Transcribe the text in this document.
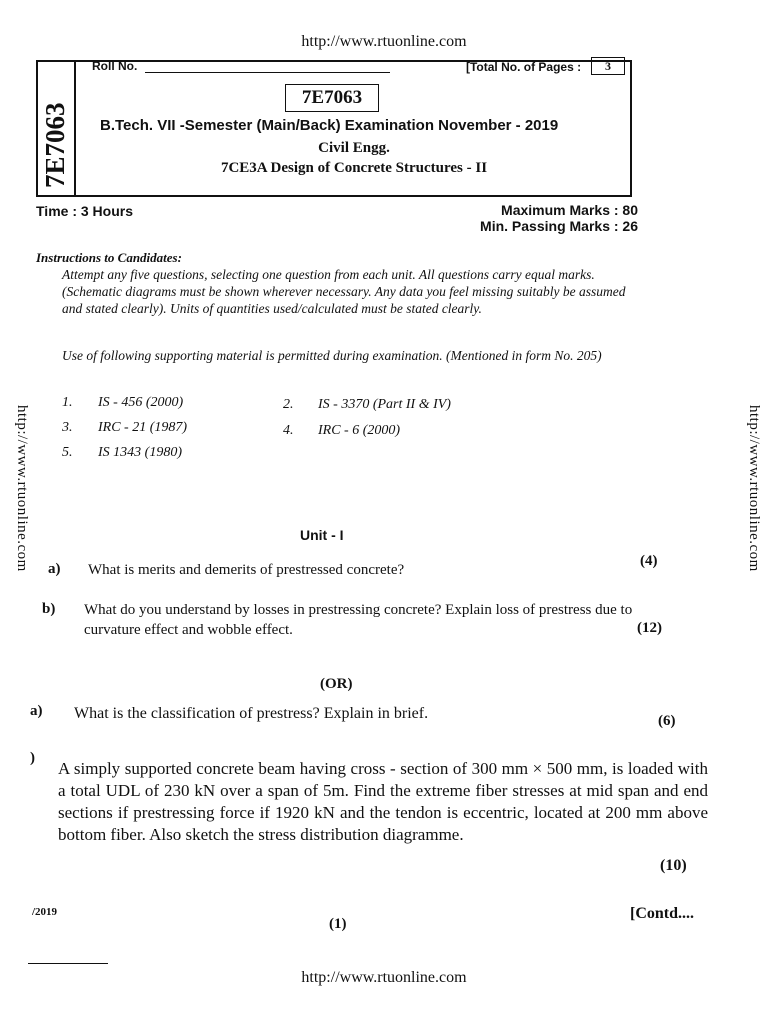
http://www.rtuonline.com
http://www.rtuonline.com	http://www.rtuonline.com
7E7063
Roll No.	[Total No. of Pages :	3
7E7063
B.Tech. VII -Semester (Main/Back) Examination November - 2019
Civil Engg.
7CE3A Design of Concrete Structures - II
Time : 3 Hours	Maximum Marks : 80
Min. Passing Marks : 26
Instructions to Candidates:
Attempt any five questions, selecting one question from each unit. All questions carry equal marks. (Schematic diagrams must be shown wherever necessary. Any data you feel missing suitably be assumed and stated clearly). Units of quantities used/calculated must be stated clearly.
Use of following supporting material is permitted during examination. (Mentioned in form No. 205)
1.	IS - 456 (2000)	2.	IS - 3370 (Part II & IV)
3.	IRC - 21 (1987)	4.	IRC - 6 (2000)
5.	IS 1343 (1980)
Unit - I
a) What is merits and demerits of prestressed concrete?
(4)
b) What do you understand by losses in prestressing concrete? Explain loss of prestress due to curvature effect and wobble effect.	(12)
(OR)
a) What is the classification of prestress? Explain in brief.	(6)
)
A simply supported concrete beam having cross - section of 300 mm × 500 mm, is loaded with a total UDL of 230 kN over a span of 5m. Find the extreme fiber stresses at mid span and end sections if prestressing force if 1920 kN and the tendon is eccentric, located at 200 mm above bottom fiber. Also sketch the stress distribution diagramme.
(10)
/2019
(1)
[Contd....
http://www.rtuonline.com
